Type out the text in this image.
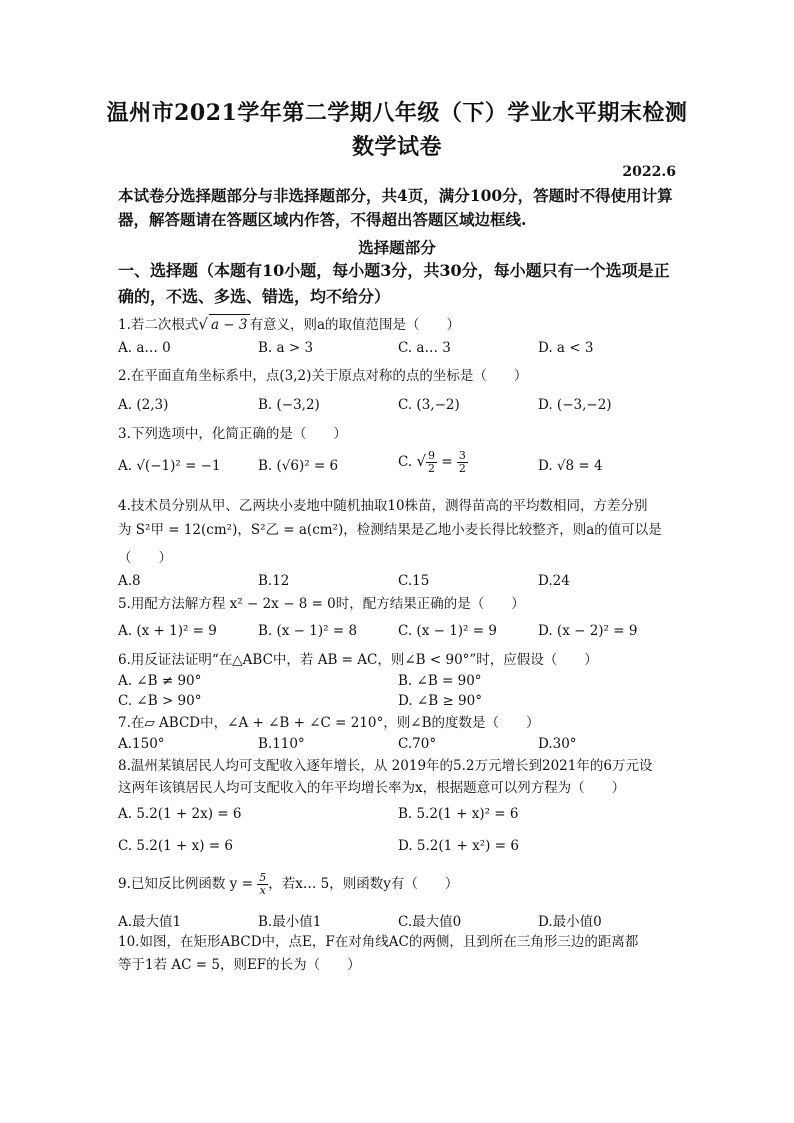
温州市2021学年第二学期八年级（下）学业水平期末检测
数学试卷
2022.6
本试卷分选择题部分与非选择题部分，共4页，满分100分，答题时不得使用计算器，解答题请在答题区域内作答，不得超出答题区域边框线.
选择题部分
一、选择题（本题有10小题，每小题3分，共30分，每小题只有一个选项是正确的，不选、多选、错选，均不给分）
1.若二次根式√ a − 3 有意义，则a的取值范围是（　　）
A. a… 0	B. a > 3	C. a… 3	D. a < 3
2.在平面直角坐标系中，点(3,2)关于原点对称的点的坐标是（　　）
A. (2,3)	B. (−3,2)	C. (3,−2)	D. (−3,−2)
3.下列选项中，化简正确的是（　　）
A. √(−1)² = −1	B. (√6)² = 6	C. √ $\frac{9}{2} = \frac{3}{2}$	D. √8 = 4
4.技术员分别从甲、乙两块小麦地中随机抽取10株苗，测得苗高的平均数相同，方差分别
为 S²甲 = 12(cm²)，S²乙 = a(cm²)，检测结果是乙地小麦长得比较整齐，则a的值可以是
（　　）
A.8	B.12	C.15	D.24
5.用配方法解方程 x² − 2x − 8 = 0时，配方结果正确的是（　　）
A. (x + 1)² = 9	B. (x − 1)² = 8	C. (x − 1)² = 9	D. (x − 2)² = 9
6.用反证法证明“在△ABC中，若 AB = AC，则∠B < 90°”时，应假设（　　）
A. ∠B ≠ 90°	B. ∠B = 90°
C. ∠B > 90°	D. ∠B ≥ 90°
7.在▱ ABCD中，∠A + ∠B + ∠C = 210°，则∠B的度数是（　　）
A.150°	B.110°	C.70°	D.30°
8.温州某镇居民人均可支配收入逐年增长，从 2019年的5.2万元增长到2021年的6万元设
这两年该镇居民人均可支配收入的年平均增长率为x，根据题意可以列方程为（　　）
A. 5.2(1 + 2x) = 6	B. 5.2(1 + x)² = 6
C. 5.2(1 + x) = 6	D. 5.2(1 + x²) = 6
9.已知反比例函数 $y = \frac{5}{x}$ ，若x… 5，则函数y有（　　）
A.最大值1	B.最小值1	C.最大值0	D.最小值0
10.如图，在矩形ABCD中，点E，F在对角线AC的两侧，且到所在三角形三边的距离都
等于1若 AC = 5，则EF的长为（　　）
